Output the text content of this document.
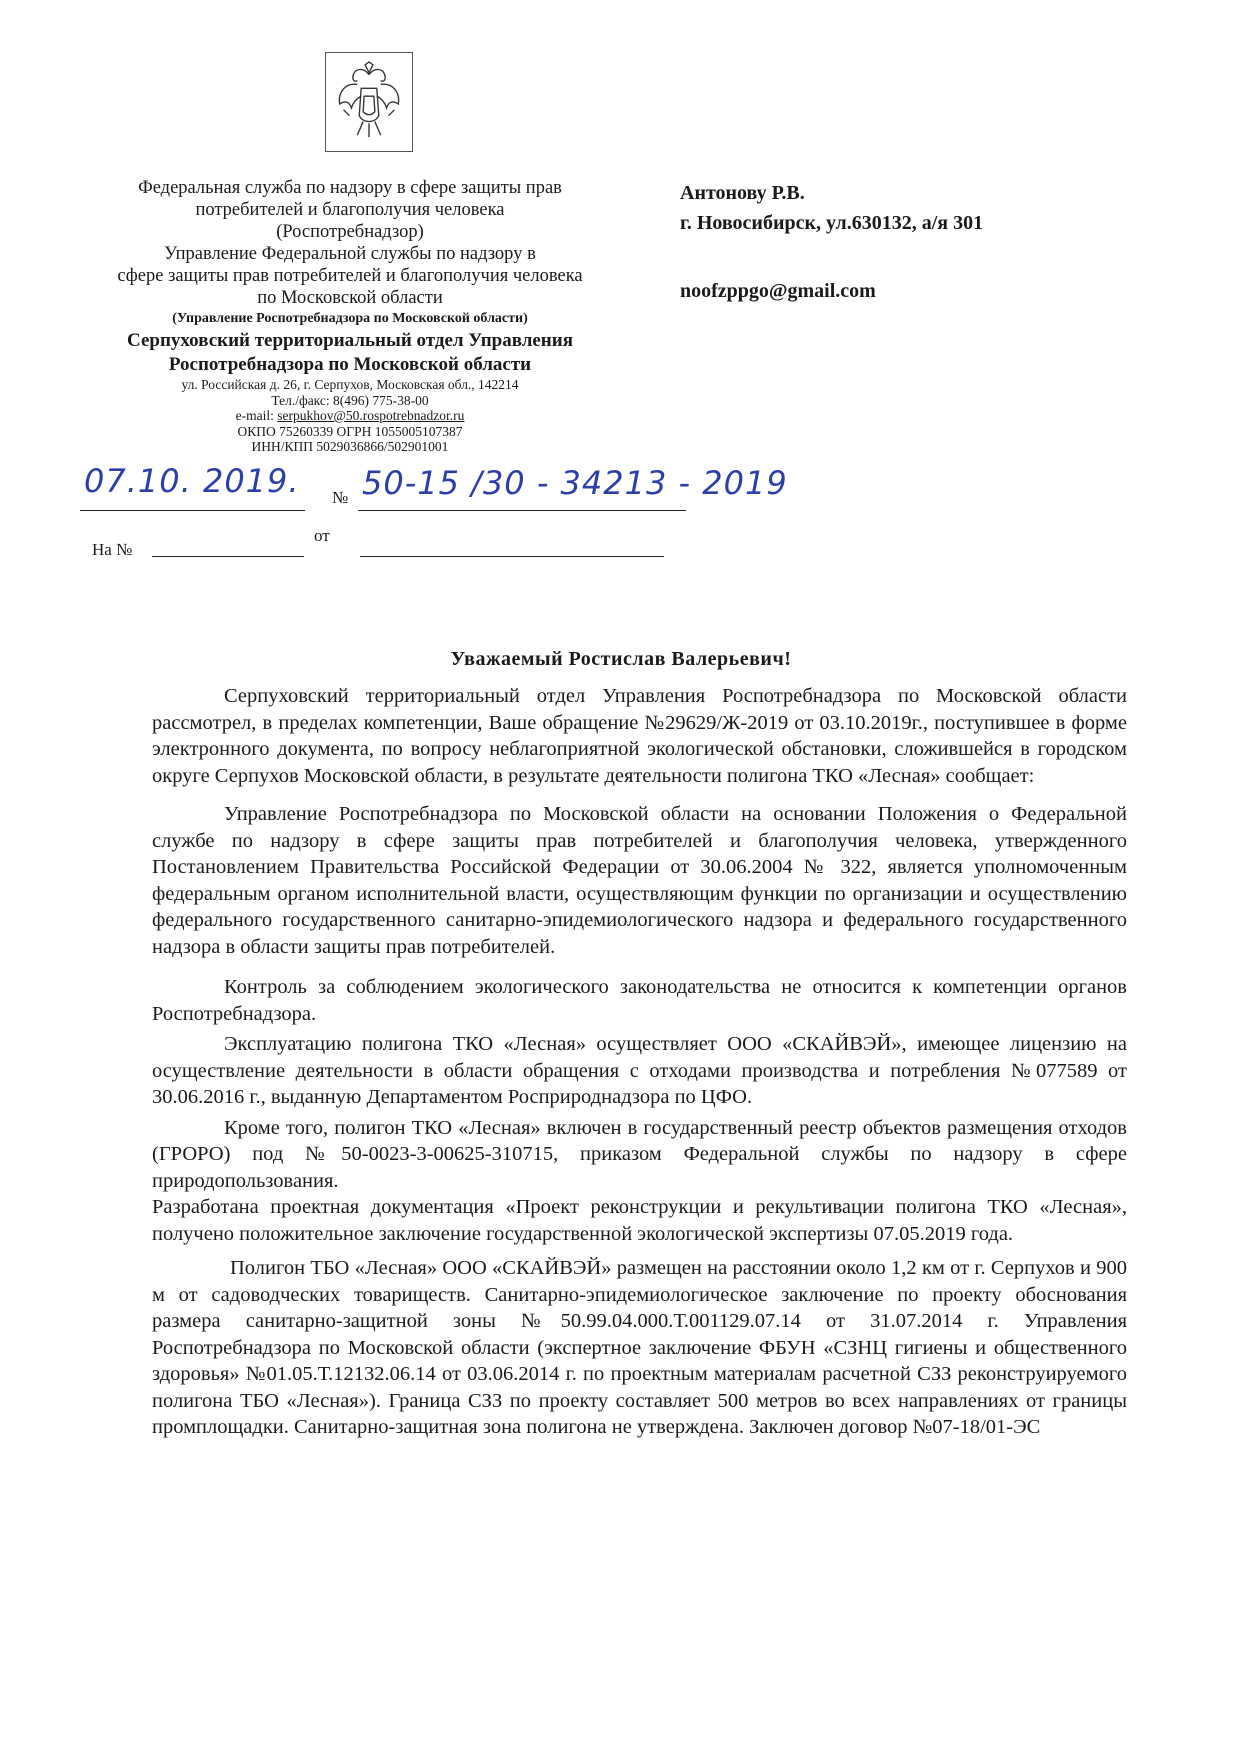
Федеральная служба по надзору в сфере защиты прав
потребителей и благополучия человека
(Роспотребнадзор)
Управление Федеральной службы по надзору в
сфере защиты прав потребителей и благополучия человека
по Московской области
(Управление Роспотребнадзора по Московской области)
Серпуховский территориальный отдел Управления
Роспотребнадзора по Московской области
ул. Российская д. 26, г. Серпухов, Московская обл., 142214
Тел./факс: 8(496) 775-38-00
e-mail: serpukhov@50.rospotrebnadzor.ru
ОКПО 75260339 ОГРН 1055005107387
ИНН/КПП 5029036866/502901001
07.10. 2019. № 50-15 /30 - 34213 - 2019
На №
от
Антонову Р.В.
г. Новосибирск, ул.630132, а/я 301
noofzppgo@gmail.com
Уважаемый Ростислав Валерьевич!

Серпуховский территориальный отдел Управления Роспотребнадзора по Московской области рассмотрел, в пределах компетенции, Ваше обращение №29629/Ж-2019 от 03.10.2019г., поступившее в форме электронного документа, по вопросу неблагоприятной экологической обстановки, сложившейся в городском округе Серпухов Московской области, в результате деятельности полигона ТКО «Лесная» сообщает:

Управление Роспотребнадзора по Московской области на основании Положения о Федеральной службе по надзору в сфере защиты прав потребителей и благополучия человека, утвержденного Постановлением Правительства Российской Федерации от 30.06.2004 № 322, является уполномоченным федеральным органом исполнительной власти, осуществляющим функции по организации и осуществлению федерального государственного санитарно-эпидемиологического надзора и федерального государственного надзора в области защиты прав потребителей.

Контроль за соблюдением экологического законодательства не относится к компетенции органов Роспотребнадзора.

Эксплуатацию полигона ТКО «Лесная» осуществляет ООО «СКАЙВЭЙ», имеющее лицензию на осуществление деятельности в области обращения с отходами производства и потребления №077589 от 30.06.2016 г., выданную Департаментом Росприроднадзора по ЦФО.

Кроме того, полигон ТКО «Лесная» включен в государственный реестр объектов размещения отходов (ГРОРО) под №50-0023-3-00625-310715, приказом Федеральной службы по надзору в сфере природопользования.

Разработана проектная документация «Проект реконструкции и рекультивации полигона ТКО «Лесная», получено положительное заключение государственной экологической экспертизы 07.05.2019 года.

Полигон ТБО «Лесная» ООО «СКАЙВЭЙ» размещен на расстоянии около 1,2 км от г. Серпухов и 900 м от садоводческих товариществ. Санитарно-эпидемиологическое заключение по проекту обоснования размера санитарно-защитной зоны №50.99.04.000.Т.001129.07.14 от 31.07.2014 г. Управления Роспотребнадзора по Московской области (экспертное заключение ФБУН «СЗНЦ гигиены и общественного здоровья» №01.05.Т.12132.06.14 от 03.06.2014 г. по проектным материалам расчетной СЗЗ реконструируемого полигона ТБО «Лесная»). Граница СЗЗ по проекту составляет 500 метров во всех направлениях от границы промплощадки. Санитарно-защитная зона полигона не утверждена. Заключен договор №07-18/01-ЭС
